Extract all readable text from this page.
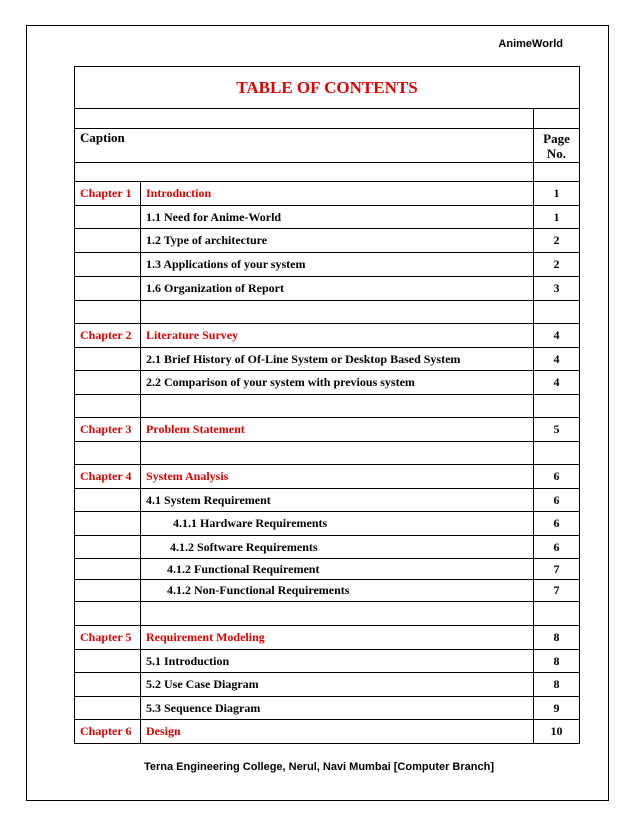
AnimeWorld
TABLE OF CONTENTS		

Caption		Page
No.

Chapter 1	Introduction	1
	1.1 Need for Anime-World	1
	1.2 Type of architecture	2
	1.3 Applications of your system	2
	1.6 Organization of Report	3

Chapter 2	Literature Survey	4
	2.1 Brief History of Of-Line System or Desktop Based System	4
	2.2 Comparison of your system with previous system	4

Chapter 3	Problem Statement	5

Chapter 4	System Analysis	6
	4.1 System Requirement	6
	4.1.1 Hardware Requirements	6
	4.1.2 Software Requirements	6
	4.1.2 Functional Requirement	7
	4.1.2 Non-Functional Requirements	7

Chapter 5	Requirement Modeling	8
	5.1 Introduction	8
	5.2 Use Case Diagram	8
	5.3 Sequence Diagram	9
Chapter 6	Design	10
Terna Engineering College, Nerul, Navi Mumbai [Computer Branch]
